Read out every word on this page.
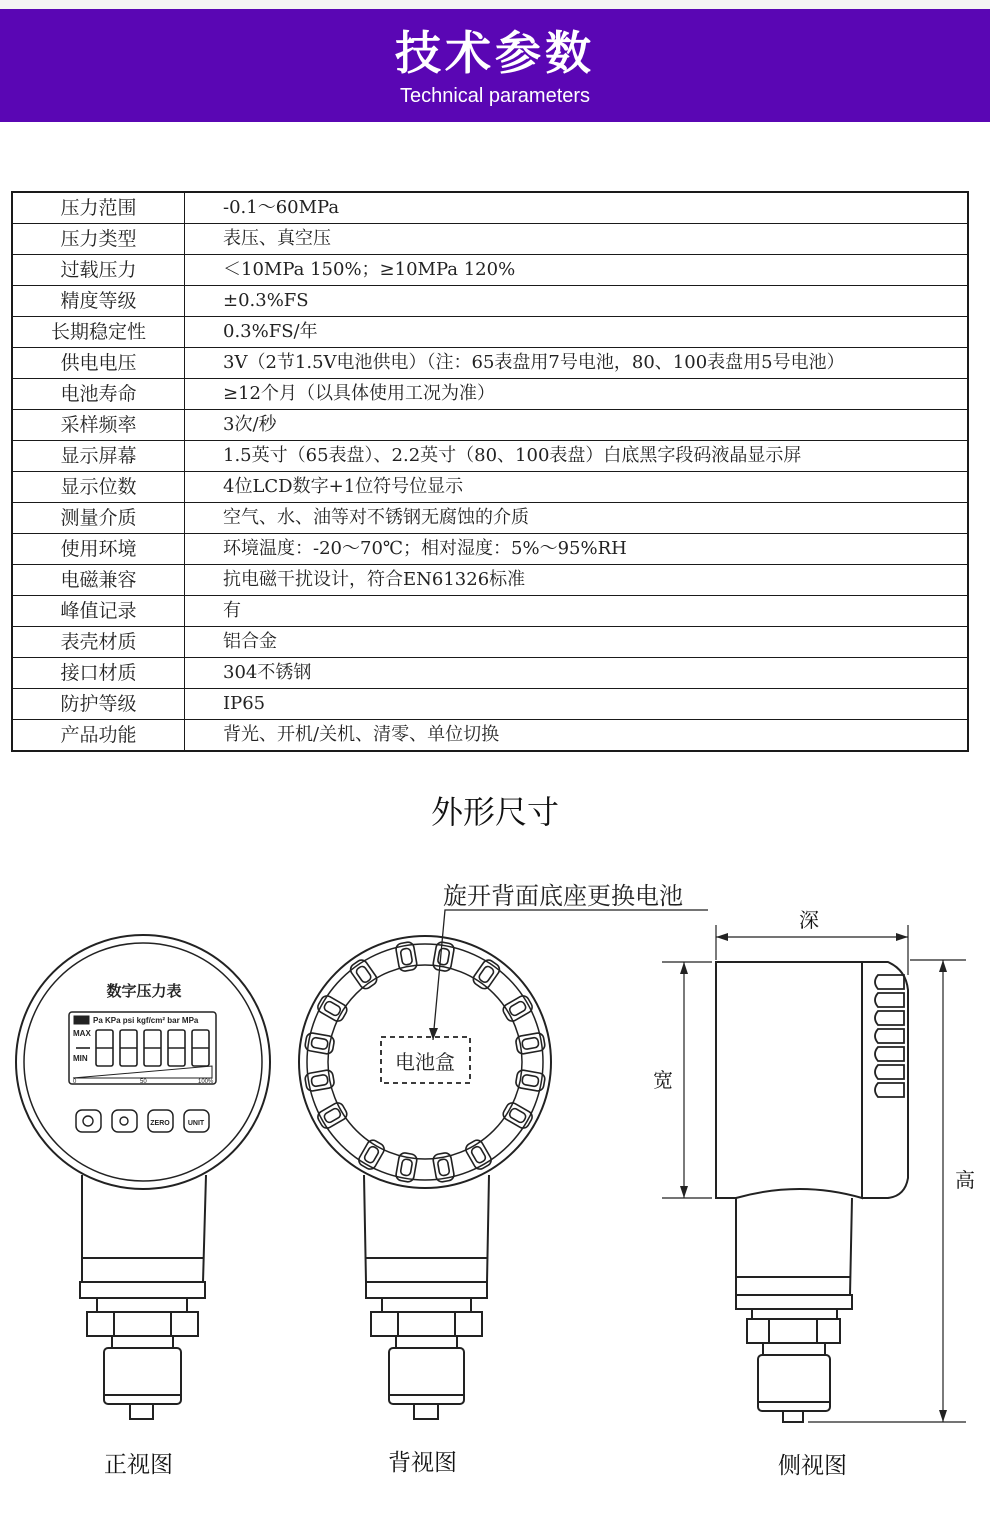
技术参数
Technical parameters
压力范围	-0.1～60MPa
压力类型	表压、真空压
过载压力	＜10MPa 150%；≥10MPa 120%
精度等级	±0.3%FS
长期稳定性	0.3%FS/年
供电电压	3V（2节1.5V电池供电）（注：65表盘用7号电池，80、100表盘用5号电池）
电池寿命	≥12个月（以具体使用工况为准）
采样频率	3次/秒
显示屏幕	1.5英寸（65表盘）、2.2英寸（80、100表盘）白底黑字段码液晶显示屏
显示位数	4位LCD数字+1位符号位显示
测量介质	空气、水、油等对不锈钢无腐蚀的介质
使用环境	环境温度：-20～70℃；相对湿度：5%～95%RH
电磁兼容	抗电磁干扰设计，符合EN61326标准
峰值记录	有
表壳材质	铝合金
接口材质	304不锈钢
防护等级	IP65
产品功能	背光、开机/关机、清零、单位切换
外形尺寸
数字压力表
Pa KPa psi kgf/cm² bar MPa
MAX
MIN
0	50	100%
ZERO	UNIT
电池盒
旋开背面底座更换电池
深
宽
高
正视图	背视图	侧视图
